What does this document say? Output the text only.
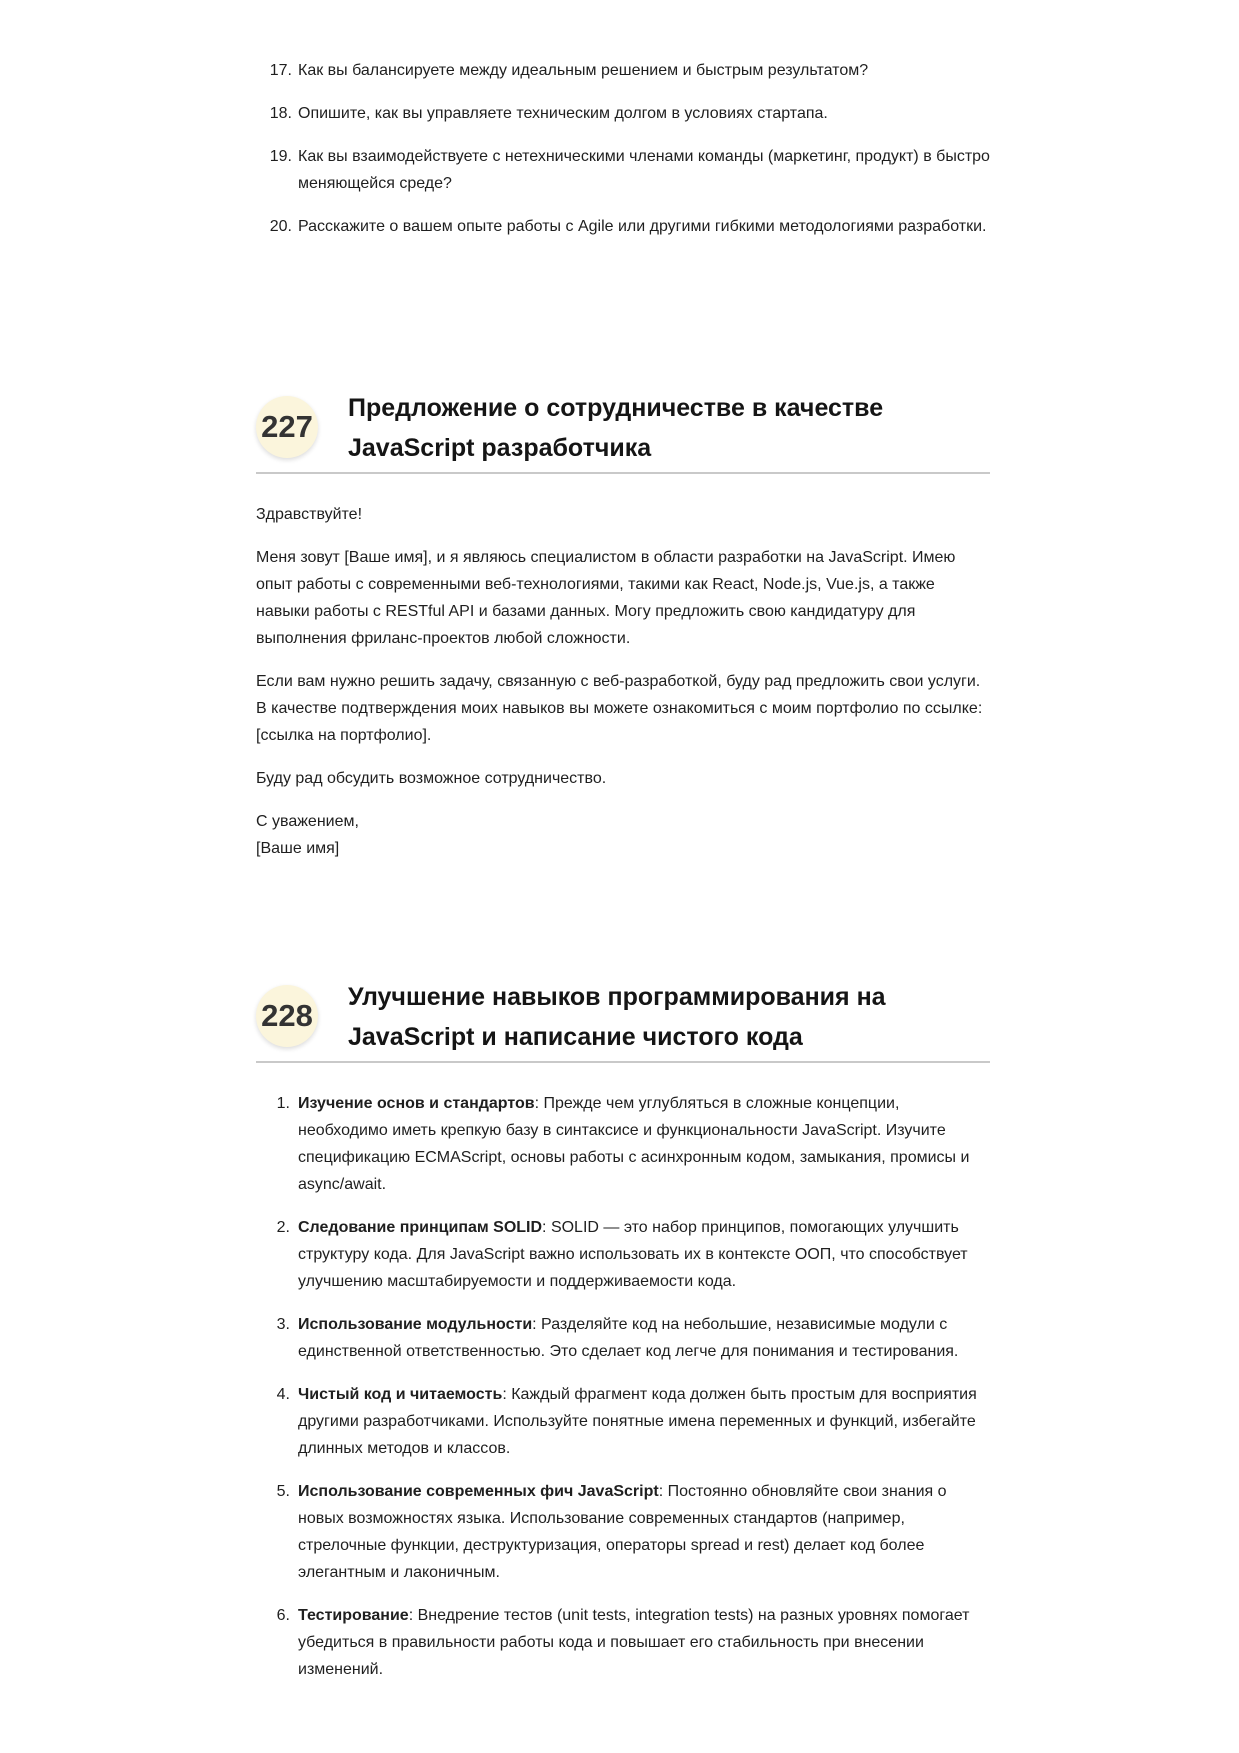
17. Как вы балансируете между идеальным решением и быстрым результатом?
18. Опишите, как вы управляете техническим долгом в условиях стартапа.
19. Как вы взаимодействуете с нетехническими членами команды (маркетинг, продукт) в быстро меняющейся среде?
20. Расскажите о вашем опыте работы с Agile или другими гибкими методологиями разработки.
227
Предложение о сотрудничестве в качестве JavaScript разработчика

Здравствуйте!

Меня зовут [Ваше имя], и я являюсь специалистом в области разработки на JavaScript. Имею опыт работы с современными веб-технологиями, такими как React, Node.js, Vue.js, а также навыки работы с RESTful API и базами данных. Могу предложить свою кандидатуру для выполнения фриланс-проектов любой сложности.

Если вам нужно решить задачу, связанную с веб-разработкой, буду рад предложить свои услуги. В качестве подтверждения моих навыков вы можете ознакомиться с моим портфолио по ссылке: [ссылка на портфолио].

Буду рад обсудить возможное сотрудничество.

С уважением,
[Ваше имя]

228
Улучшение навыков программирования на JavaScript и написание чистого кода
1. Изучение основ и стандартов: Прежде чем углубляться в сложные концепции, необходимо иметь крепкую базу в синтаксисе и функциональности JavaScript. Изучите спецификацию ECMAScript, основы работы с асинхронным кодом, замыкания, промисы и async/await.
2. Следование принципам SOLID: SOLID — это набор принципов, помогающих улучшить структуру кода. Для JavaScript важно использовать их в контексте ООП, что способствует улучшению масштабируемости и поддерживаемости кода.
3. Использование модульности: Разделяйте код на небольшие, независимые модули с единственной ответственностью. Это сделает код легче для понимания и тестирования.
4. Чистый код и читаемость: Каждый фрагмент кода должен быть простым для восприятия другими разработчиками. Используйте понятные имена переменных и функций, избегайте длинных методов и классов.
5. Использование современных фич JavaScript: Постоянно обновляйте свои знания о новых возможностях языка. Использование современных стандартов (например, стрелочные функции, деструктуризация, операторы spread и rest) делает код более элегантным и лаконичным.
6. Тестирование: Внедрение тестов (unit tests, integration tests) на разных уровнях помогает убедиться в правильности работы кода и повышает его стабильность при внесении изменений.
